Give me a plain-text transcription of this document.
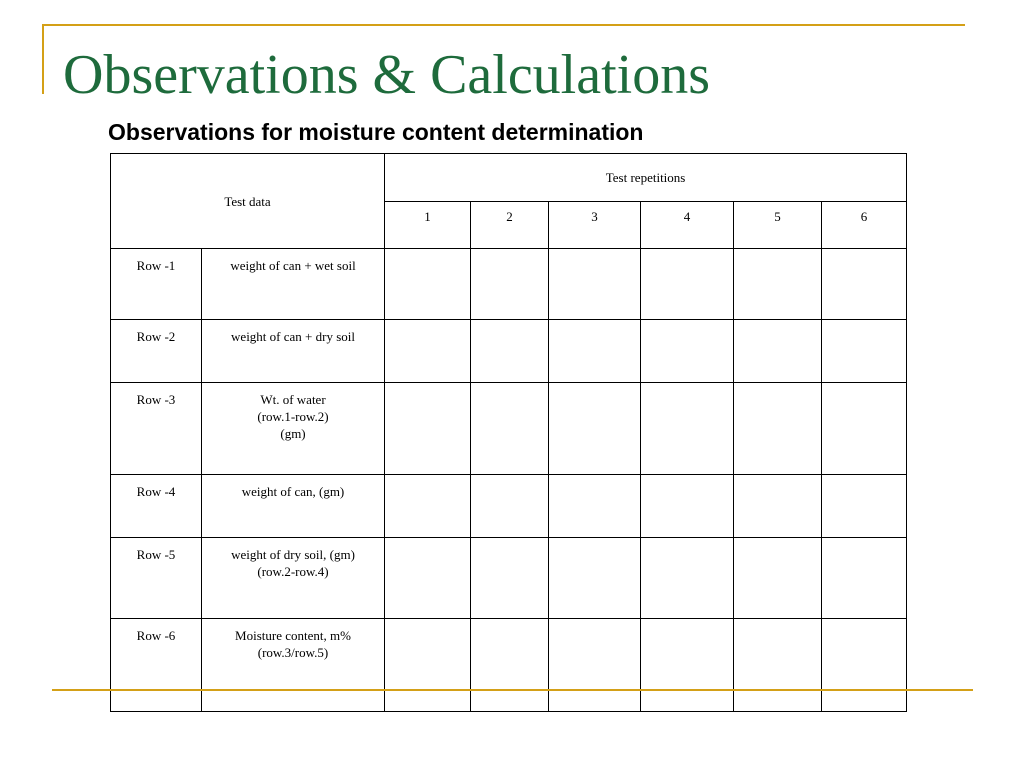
Observations & Calculations
Observations for moisture content determination
Test data		Test repetitions					
		1	2	3	4	5	6
Row -1	weight of can + wet soil						

Row -2	weight of can + dry soil						

Row -3	Wt. of water
(row.1-row.2)
(gm)						

Row -4	weight of can, (gm)						

Row -5	weight of dry soil, (gm)
(row.2-row.4)						

Row -6	Moisture content, m%
(row.3/row.5)						
